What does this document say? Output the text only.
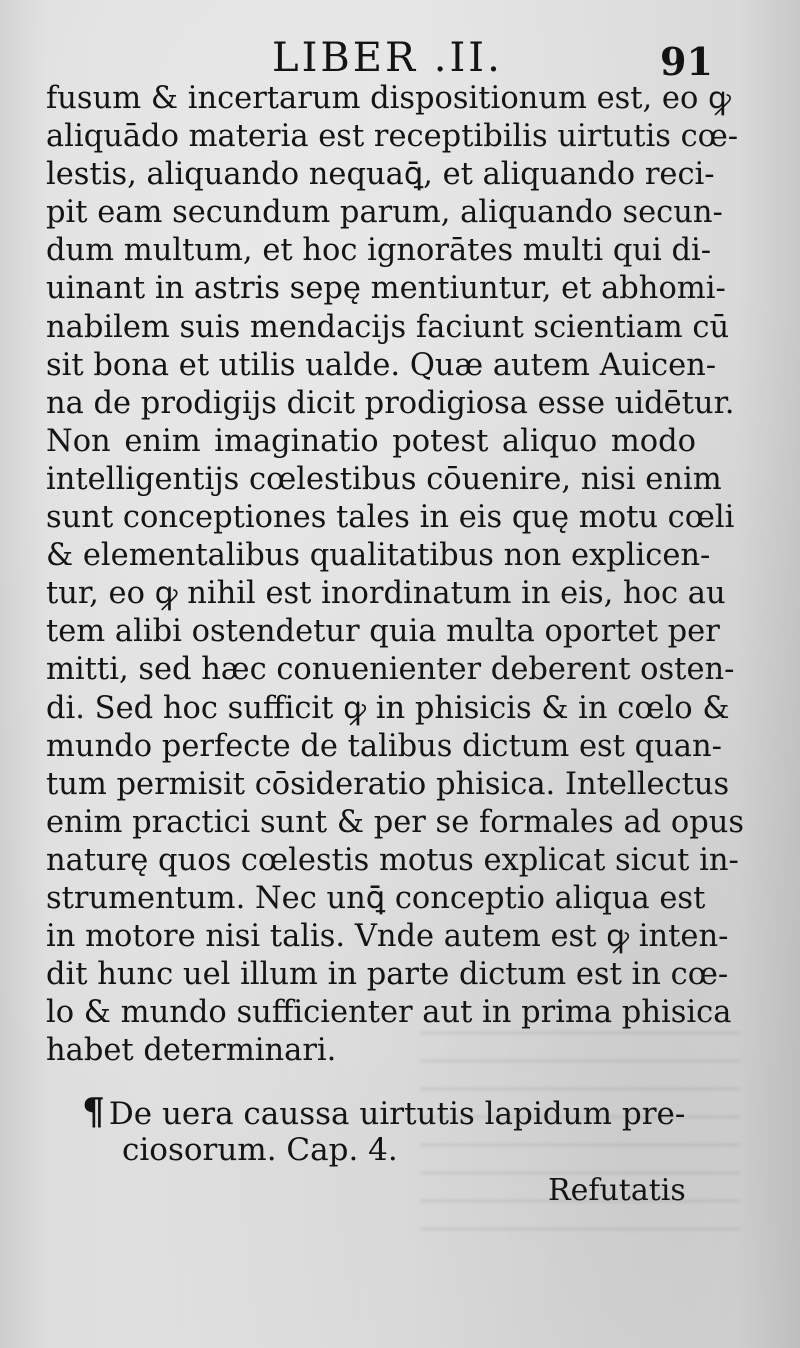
LIBER .II.	91
fusum & incertarum dispositionum est, eo ꝙ
aliquādo materia est receptibilis uirtutis cœ-
lestis, aliquando nequaꝗ̄, et aliquando reci-
pit eam secundum parum, aliquando secun-
dum multum, et hoc ignorātes multi qui di-
uinant in astris sepę mentiuntur, et abhomi-
nabilem suis mendacijs faciunt scientiam cū
sit bona et utilis ualde. Quæ autem Auicen-
na de prodigijs dicit prodigiosa esse uidētur.
Non enim imaginatio potest aliquo modo
intelligentijs cœlestibus cōuenire, nisi enim
sunt conceptiones tales in eis quę motu cœli
& elementalibus qualitatibus non explicen-
tur, eo ꝙ nihil est inordinatum in eis, hoc au
tem alibi ostendetur quia multa oportet per
mitti, sed hæc conuenienter deberent osten-
di. Sed hoc sufficit ꝙ in phisicis & in cœlo &
mundo perfecte de talibus dictum est quan-
tum permisit cōsideratio phisica. Intellectus
enim practici sunt & per se formales ad opus
naturę quos cœlestis motus explicat sicut in-
strumentum. Nec unꝗ̄ conceptio aliqua est
in motore nisi talis. Vnde autem est ꝙ inten-
dit hunc uel illum in parte dictum est in cœ-
lo & mundo sufficienter aut in prima phisica
habet determinari.
¶ De uera caussa uirtutis lapidum pre-
ciosorum. Cap. 4.
Refutatis
